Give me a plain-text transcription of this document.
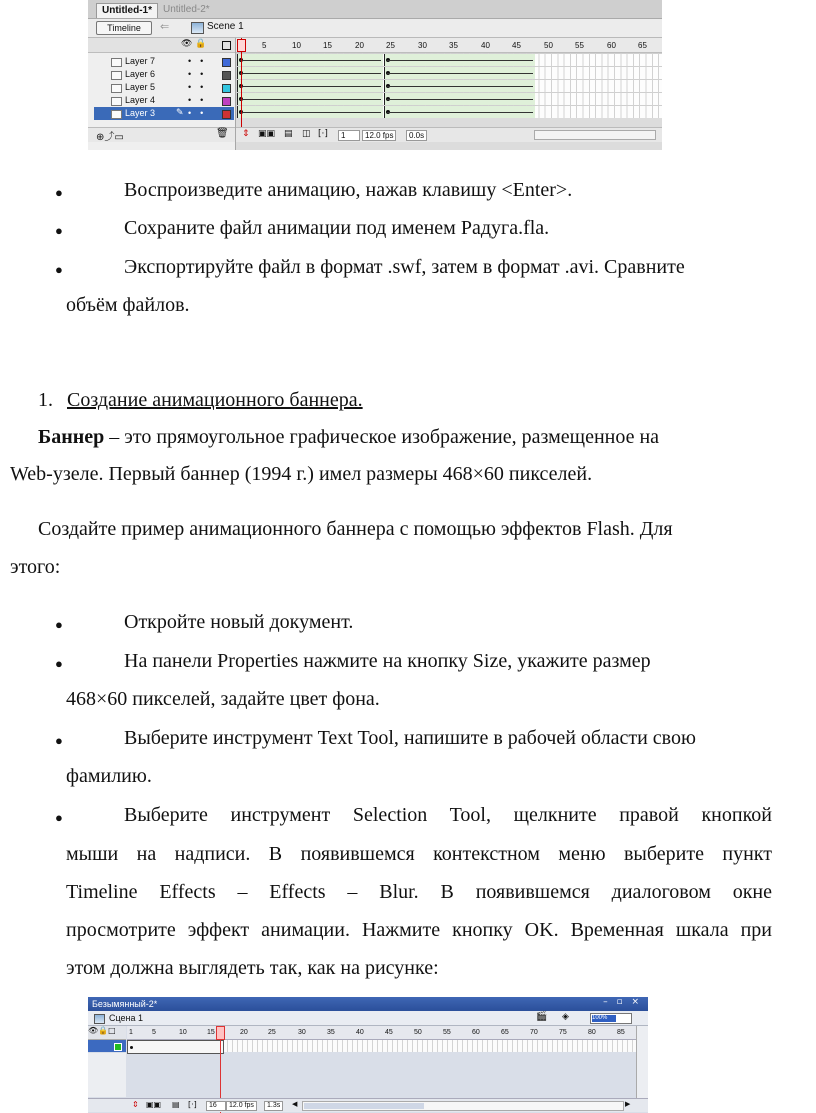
Untitled-1*	Untitled-2*
Timeline	⇐	Scene 1
👁🔒
Layer 7	••
Layer 6	••
Layer 5	••
Layer 4	••
Layer 3 ✎ ••
⊕⤴▭	🗑
5	10	15	20	25	30	35	40	45	50	55	60	65
⇕ ▣▣ ▤ ◫ [·]	1	12.0 fps	0.0s
●	Воспроизведите анимацию, нажав клавишу <Enter>.
●	Сохраните файл анимации под именем Радуга.fla.
●	Экспортируйте файл в формат .swf, затем в формат .avi. Сравните
объём файлов.
1. Создание анимационного баннера.
Баннер – это прямоугольное графическое изображение, размещенное на
Web-узеле. Первый баннер (1994 г.) имел размеры 468×60 пикселей.
Создайте пример анимационного баннера с помощью эффектов Flash. Для
этого:
●	Откройте новый документ.
●	На панели Properties нажмите на кнопку Size, укажите размер
468×60 пикселей, задайте цвет фона.
●	Выберите инструмент Text Tool, напишите в рабочей области свою
фамилию.
●	Выберите инструмент Selection Tool, щелкните правой кнопкой
мыши на надписи. В появившемся контекстном меню выберите пункт
Timeline Effects – Effects – Blur. В появившемся диалоговом окне
просмотрите эффект анимации. Нажмите кнопку OK. Временная шкала при
этом должна выглядеть так, как на рисунке:
Безымянный-2*	– ▫ ×
Сцена 1	🎬 ◈	100%
👁🔒□	1	5	10	15	20	25	30	35	40	45	50	55	60	65	70	75	80	85
⇕ ▣▣ ▤ [·]	16	12.0 fps	1.3s	◀	▶
